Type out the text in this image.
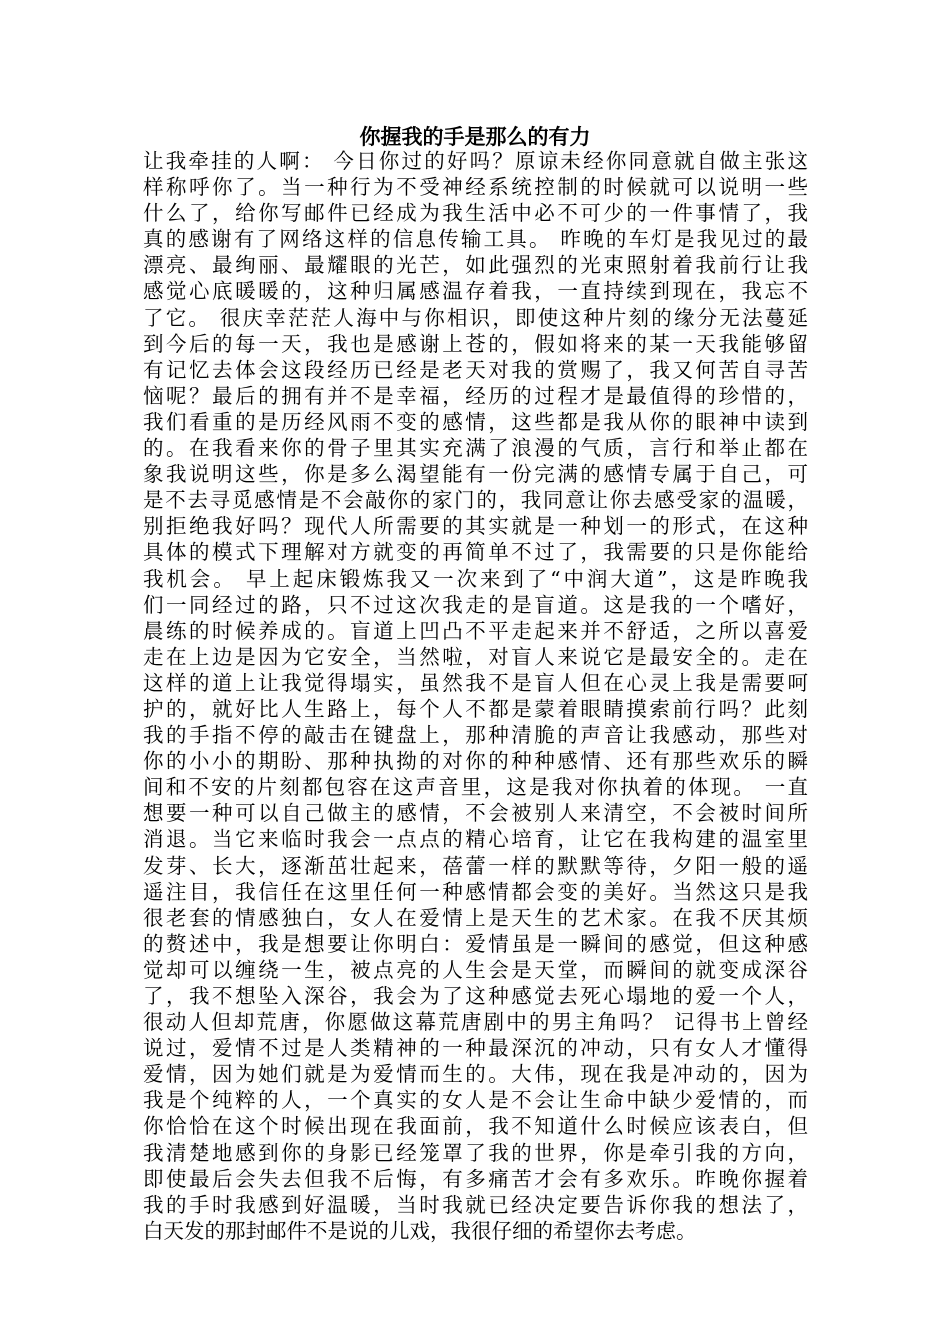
你握我的手是那么的有力
让我牵挂的人啊： 今日你过的好吗？原谅未经你同意就自做主张这
样称呼你了。当一种行为不受神经系统控制的时候就可以说明一些
什么了，给你写邮件已经成为我生活中必不可少的一件事情了，我
真的感谢有了网络这样的信息传输工具。 昨晚的车灯是我见过的最
漂亮、最绚丽、最耀眼的光芒，如此强烈的光束照射着我前行让我
感觉心底暖暖的，这种归属感温存着我，一直持续到现在，我忘不
了它。 很庆幸茫茫人海中与你相识，即使这种片刻的缘分无法蔓延
到今后的每一天，我也是感谢上苍的，假如将来的某一天我能够留
有记忆去体会这段经历已经是老天对我的赏赐了，我又何苦自寻苦
恼呢？最后的拥有并不是幸福，经历的过程才是最值得的珍惜的，
我们看重的是历经风雨不变的感情，这些都是我从你的眼神中读到
的。在我看来你的骨子里其实充满了浪漫的气质，言行和举止都在
象我说明这些，你是多么渴望能有一份完满的感情专属于自己，可
是不去寻觅感情是不会敲你的家门的，我同意让你去感受家的温暖，
别拒绝我好吗？现代人所需要的其实就是一种划一的形式，在这种
具体的模式下理解对方就变的再简单不过了，我需要的只是你能给
我机会。 早上起床锻炼我又一次来到了“中润大道”，这是昨晚我
们一同经过的路，只不过这次我走的是盲道。这是我的一个嗜好，
晨练的时候养成的。盲道上凹凸不平走起来并不舒适，之所以喜爱
走在上边是因为它安全，当然啦，对盲人来说它是最安全的。走在
这样的道上让我觉得塌实，虽然我不是盲人但在心灵上我是需要呵
护的，就好比人生路上，每个人不都是蒙着眼睛摸索前行吗？此刻
我的手指不停的敲击在键盘上，那种清脆的声音让我感动，那些对
你的小小的期盼、那种执拗的对你的种种感情、还有那些欢乐的瞬
间和不安的片刻都包容在这声音里，这是我对你执着的体现。 一直
想要一种可以自己做主的感情，不会被别人来清空，不会被时间所
消退。当它来临时我会一点点的精心培育，让它在我构建的温室里
发芽、长大，逐渐茁壮起来，蓓蕾一样的默默等待，夕阳一般的遥
遥注目，我信任在这里任何一种感情都会变的美好。当然这只是我
很老套的情感独白，女人在爱情上是天生的艺术家。在我不厌其烦
的赘述中，我是想要让你明白：爱情虽是一瞬间的感觉，但这种感
觉却可以缠绕一生，被点亮的人生会是天堂，而瞬间的就变成深谷
了，我不想坠入深谷，我会为了这种感觉去死心塌地的爱一个人，
很动人但却荒唐，你愿做这幕荒唐剧中的男主角吗？ 记得书上曾经
说过，爱情不过是人类精神的一种最深沉的冲动，只有女人才懂得
爱情，因为她们就是为爱情而生的。大伟，现在我是冲动的，因为
我是个纯粹的人，一个真实的女人是不会让生命中缺少爱情的，而
你恰恰在这个时候出现在我面前，我不知道什么时候应该表白，但
我清楚地感到你的身影已经笼罩了我的世界，你是牵引我的方向，
即使最后会失去但我不后悔，有多痛苦才会有多欢乐。昨晚你握着
我的手时我感到好温暖，当时我就已经决定要告诉你我的想法了，
白天发的那封邮件不是说的儿戏，我很仔细的希望你去考虑。
